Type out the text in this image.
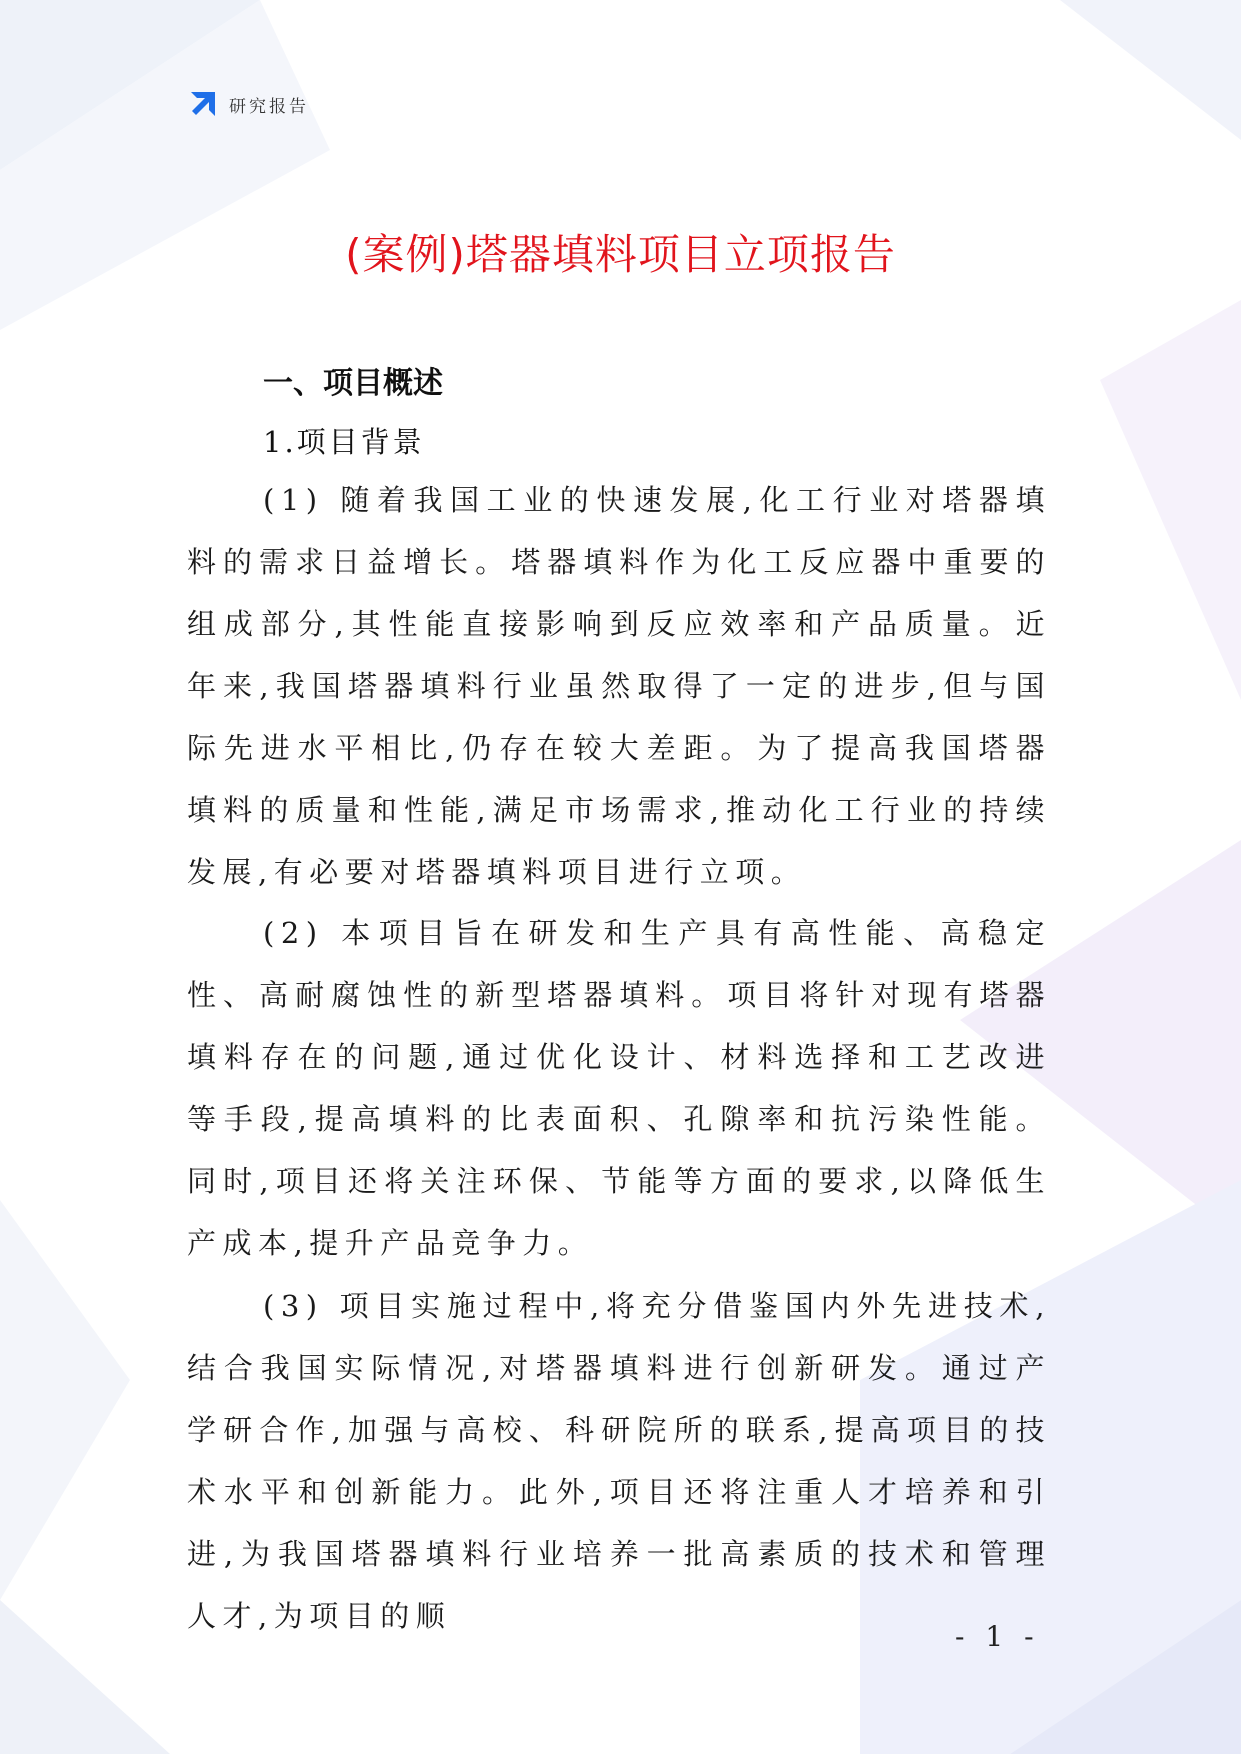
研究报告
(案例)塔器填料项目立项报告
一、项目概述
1.项目背景

(1) 随着我国工业的快速发展,化工行业对塔器填料的需求日益增长。塔器填料作为化工反应器中重要的组成部分,其性能直接影响到反应效率和产品质量。近年来,我国塔器填料行业虽然取得了一定的进步,但与国际先进水平相比,仍存在较大差距。为了提高我国塔器填料的质量和性能,满足市场需求,推动化工行业的持续发展,有必要对塔器填料项目进行立项。

(2) 本项目旨在研发和生产具有高性能、高稳定性、高耐腐蚀性的新型塔器填料。项目将针对现有塔器填料存在的问题,通过优化设计、材料选择和工艺改进等手段,提高填料的比表面积、孔隙率和抗污染性能。同时,项目还将关注环保、节能等方面的要求,以降低生产成本,提升产品竞争力。

(3) 项目实施过程中,将充分借鉴国内外先进技术,结合我国实际情况,对塔器填料进行创新研发。通过产学研合作,加强与高校、科研院所的联系,提高项目的技术水平和创新能力。此外,项目还将注重人才培养和引进,为我国塔器填料行业培养一批高素质的技术和管理人才,为项目的顺

- 1 -
